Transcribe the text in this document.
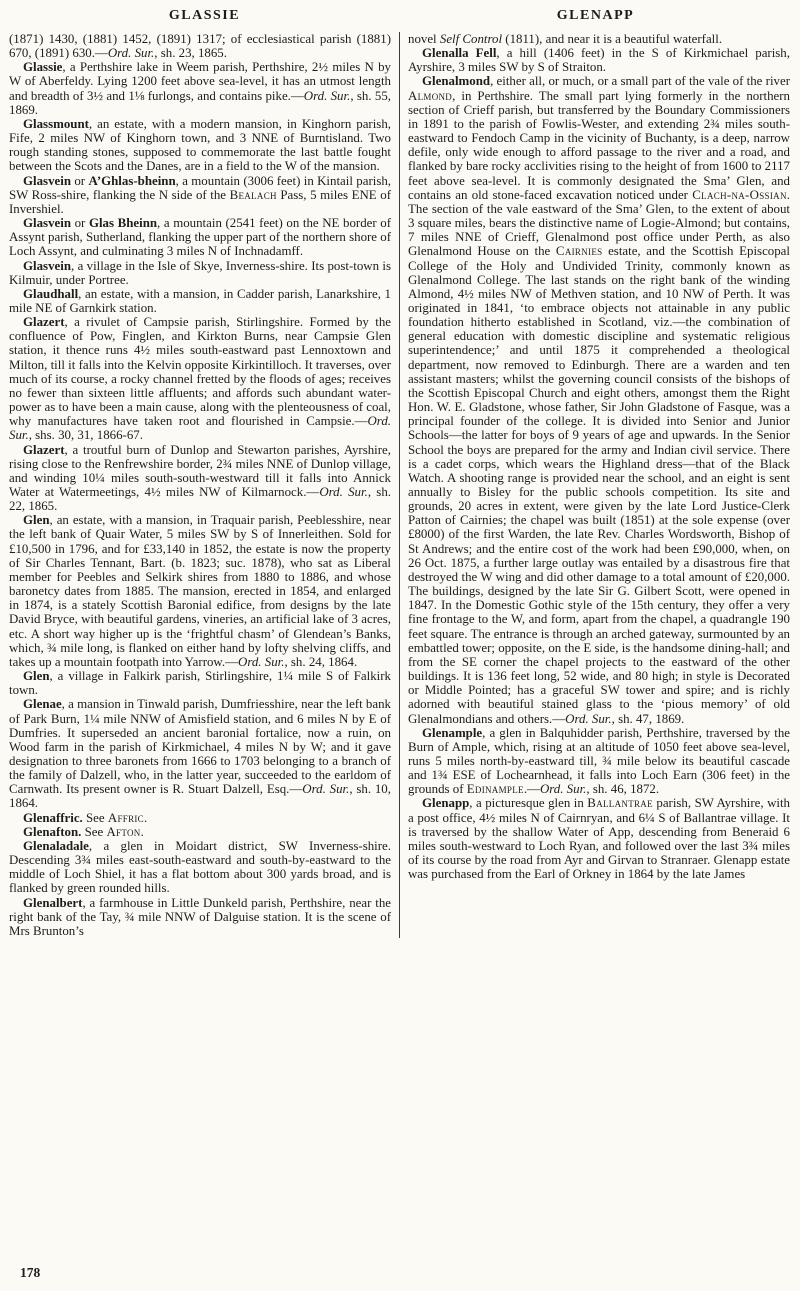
GLASSIE	GLENAPP

(1871) 1430, (1881) 1452, (1891) 1317; of ecclesiastical parish (1881) 670, (1891) 630.—Ord. Sur., sh. 23, 1865.

Glassie, a Perthshire lake in Weem parish, Perthshire, 2½ miles N by W of Aberfeldy. Lying 1200 feet above sea-level, it has an utmost length and breadth of 3½ and 1⅛ furlongs, and contains pike.—Ord. Sur., sh. 55, 1869.

Glassmount, an estate, with a modern mansion, in Kinghorn parish, Fife, 2 miles NW of Kinghorn town, and 3 NNE of Burntisland. Two rough standing stones, supposed to commemorate the last battle fought between the Scots and the Danes, are in a field to the W of the mansion.

Glasvein or A’Ghlas-bheinn, a mountain (3006 feet) in Kintail parish, SW Ross-shire, flanking the N side of the Bealach Pass, 5 miles ENE of Invershiel.

Glasvein or Glas Bheinn, a mountain (2541 feet) on the NE border of Assynt parish, Sutherland, flanking the upper part of the northern shore of Loch Assynt, and culminating 3 miles N of Inchnadamff.

Glasvein, a village in the Isle of Skye, Inverness-shire. Its post-town is Kilmuir, under Portree.

Glaudhall, an estate, with a mansion, in Cadder parish, Lanarkshire, 1 mile NE of Garnkirk station.

Glazert, a rivulet of Campsie parish, Stirlingshire. Formed by the confluence of Pow, Finglen, and Kirkton Burns, near Campsie Glen station, it thence runs 4½ miles south-eastward past Lennoxtown and Milton, till it falls into the Kelvin opposite Kirkintilloch. It traverses, over much of its course, a rocky channel fretted by the floods of ages; receives no fewer than sixteen little affluents; and affords such abundant water-power as to have been a main cause, along with the plenteousness of coal, why manufactures have taken root and flourished in Campsie.—Ord. Sur., shs. 30, 31, 1866-67.

Glazert, a troutful burn of Dunlop and Stewarton parishes, Ayrshire, rising close to the Renfrewshire border, 2¾ miles NNE of Dunlop village, and winding 10¼ miles south-south-westward till it falls into Annick Water at Watermeetings, 4½ miles NW of Kilmarnock.—Ord. Sur., sh. 22, 1865.

Glen, an estate, with a mansion, in Traquair parish, Peeblesshire, near the left bank of Quair Water, 5 miles SW by S of Innerleithen. Sold for £10,500 in 1796, and for £33,140 in 1852, the estate is now the property of Sir Charles Tennant, Bart. (b. 1823; suc. 1878), who sat as Liberal member for Peebles and Selkirk shires from 1880 to 1886, and whose baronetcy dates from 1885. The mansion, erected in 1854, and enlarged in 1874, is a stately Scottish Baronial edifice, from designs by the late David Bryce, with beautiful gardens, vineries, an artificial lake of 3 acres, etc. A short way higher up is the ‘frightful chasm’ of Glendean’s Banks, which, ¾ mile long, is flanked on either hand by lofty shelving cliffs, and takes up a mountain footpath into Yarrow.—Ord. Sur., sh. 24, 1864.

Glen, a village in Falkirk parish, Stirlingshire, 1¼ mile S of Falkirk town.

Glenae, a mansion in Tinwald parish, Dumfriesshire, near the left bank of Park Burn, 1¼ mile NNW of Amisfield station, and 6 miles N by E of Dumfries. It superseded an ancient baronial fortalice, now a ruin, on Wood farm in the parish of Kirkmichael, 4 miles N by W; and it gave designation to three baronets from 1666 to 1703 belonging to a branch of the family of Dalzell, who, in the latter year, succeeded to the earldom of Carnwath. Its present owner is R. Stuart Dalzell, Esq.—Ord. Sur., sh. 10, 1864.

Glenaffric. See Affric.

Glenafton. See Afton.

Glenaladale, a glen in Moidart district, SW Inverness-shire. Descending 3¾ miles east-south-eastward and south-by-eastward to the middle of Loch Shiel, it has a flat bottom about 300 yards broad, and is flanked by green rounded hills.

Glenalbert, a farmhouse in Little Dunkeld parish, Perthshire, near the right bank of the Tay, ¾ mile NNW of Dalguise station. It is the scene of Mrs Brunton’s

novel Self Control (1811), and near it is a beautiful waterfall.

Glenalla Fell, a hill (1406 feet) in the S of Kirkmichael parish, Ayrshire, 3 miles SW by S of Straiton.

Glenalmond, either all, or much, or a small part of the vale of the river Almond, in Perthshire. The small part lying formerly in the northern section of Crieff parish, but transferred by the Boundary Commissioners in 1891 to the parish of Fowlis-Wester, and extending 2¾ miles south-eastward to Fendoch Camp in the vicinity of Buchanty, is a deep, narrow defile, only wide enough to afford passage to the river and a road, and flanked by bare rocky acclivities rising to the height of from 1600 to 2117 feet above sea-level. It is commonly designated the Sma’ Glen, and contains an old stone-faced excavation noticed under Clach-na-Ossian. The section of the vale eastward of the Sma’ Glen, to the extent of about 3 square miles, bears the distinctive name of Logie-Almond; but contains, 7 miles NNE of Crieff, Glenalmond post office under Perth, as also Glenalmond House on the Cairnies estate, and the Scottish Episcopal College of the Holy and Undivided Trinity, commonly known as Glenalmond College. The last stands on the right bank of the winding Almond, 4½ miles NW of Methven station, and 10 NW of Perth. It was originated in 1841, ‘to embrace objects not attainable in any public foundation hitherto established in Scotland, viz.—the combination of general education with domestic discipline and systematic religious superintendence;’ and until 1875 it comprehended a theological department, now removed to Edinburgh. There are a warden and ten assistant masters; whilst the governing council consists of the bishops of the Scottish Episcopal Church and eight others, amongst them the Right Hon. W. E. Gladstone, whose father, Sir John Gladstone of Fasque, was a principal founder of the college. It is divided into Senior and Junior Schools—the latter for boys of 9 years of age and upwards. In the Senior School the boys are prepared for the army and Indian civil service. There is a cadet corps, which wears the Highland dress—that of the Black Watch. A shooting range is provided near the school, and an eight is sent annually to Bisley for the public schools competition. Its site and grounds, 20 acres in extent, were given by the late Lord Justice-Clerk Patton of Cairnies; the chapel was built (1851) at the sole expense (over £8000) of the first Warden, the late Rev. Charles Wordsworth, Bishop of St Andrews; and the entire cost of the work had been £90,000, when, on 26 Oct. 1875, a further large outlay was entailed by a disastrous fire that destroyed the W wing and did other damage to a total amount of £20,000. The buildings, designed by the late Sir G. Gilbert Scott, were opened in 1847. In the Domestic Gothic style of the 15th century, they offer a very fine frontage to the W, and form, apart from the chapel, a quadrangle 190 feet square. The entrance is through an arched gateway, surmounted by an embattled tower; opposite, on the E side, is the handsome dining-hall; and from the SE corner the chapel projects to the eastward of the other buildings. It is 136 feet long, 52 wide, and 80 high; in style is Decorated or Middle Pointed; has a graceful SW tower and spire; and is richly adorned with beautiful stained glass to the ‘pious memory’ of old Glenalmondians and others.—Ord. Sur., sh. 47, 1869.

Glenample, a glen in Balquhidder parish, Perthshire, traversed by the Burn of Ample, which, rising at an altitude of 1050 feet above sea-level, runs 5 miles north-by-eastward till, ¾ mile below its beautiful cascade and 1¾ ESE of Lochearnhead, it falls into Loch Earn (306 feet) in the grounds of Edinample.—Ord. Sur., sh. 46, 1872.

Glenapp, a picturesque glen in Ballantrae parish, SW Ayrshire, with a post office, 4½ miles N of Cairnryan, and 6¼ S of Ballantrae village. It is traversed by the shallow Water of App, descending from Beneraid 6 miles south-westward to Loch Ryan, and followed over the last 3¾ miles of its course by the road from Ayr and Girvan to Stranraer. Glenapp estate was purchased from the Earl of Orkney in 1864 by the late James

178
